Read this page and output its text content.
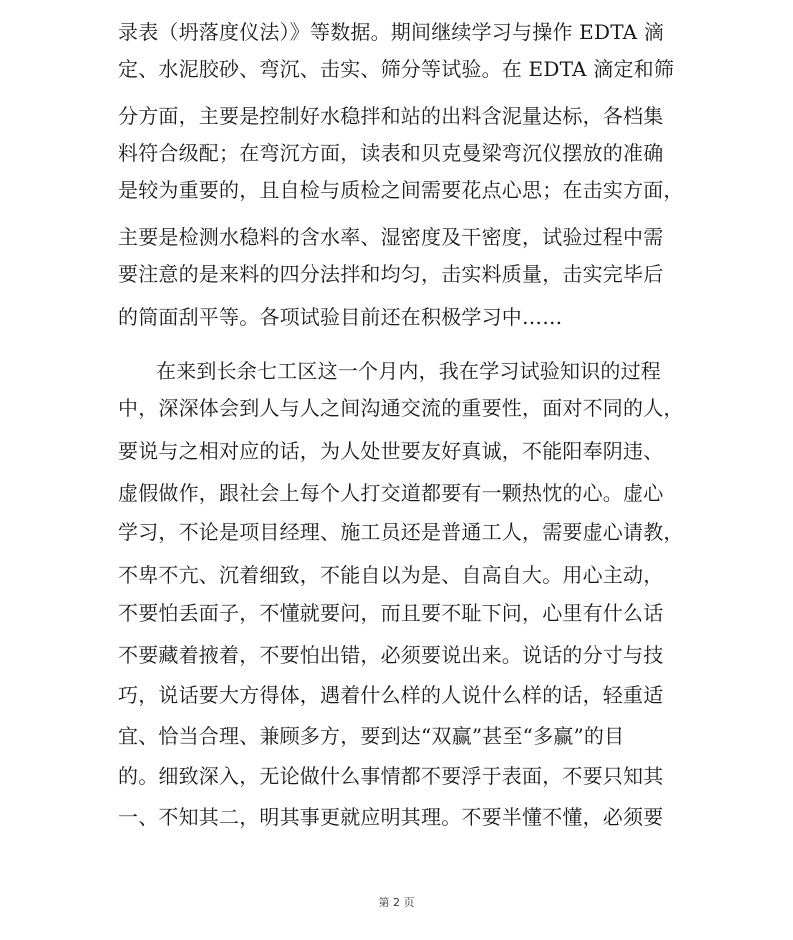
录表（坍落度仪法）》等数据。期间继续学习与操作 EDTA 滴
定、水泥胶砂、弯沉、击实、筛分等试验。在 EDTA 滴定和筛
分方面，主要是控制好水稳拌和站的出料含泥量达标，各档集
料符合级配；在弯沉方面，读表和贝克曼梁弯沉仪摆放的准确
是较为重要的，且自检与质检之间需要花点心思；在击实方面，
主要是检测水稳料的含水率、湿密度及干密度，试验过程中需
要注意的是来料的四分法拌和均匀，击实料质量，击实完毕后
的筒面刮平等。各项试验目前还在积极学习中……
在来到长余七工区这一个月内，我在学习试验知识的过程
中，深深体会到人与人之间沟通交流的重要性，面对不同的人，
要说与之相对应的话，为人处世要友好真诚，不能阳奉阴违、
虚假做作，跟社会上每个人打交道都要有一颗热忱的心。虚心
学习，不论是项目经理、施工员还是普通工人，需要虚心请教，
不卑不亢、沉着细致，不能自以为是、自高自大。用心主动，
不要怕丢面子，不懂就要问，而且要不耻下问，心里有什么话
不要藏着掖着，不要怕出错，必须要说出来。说话的分寸与技
巧，说话要大方得体，遇着什么样的人说什么样的话，轻重适
宜、恰当合理、兼顾多方，要到达“双赢”甚至“多赢”的目
的。细致深入，无论做什么事情都不要浮于表面，不要只知其
一、不知其二，明其事更就应明其理。不要半懂不懂，必须要
第 2 页
